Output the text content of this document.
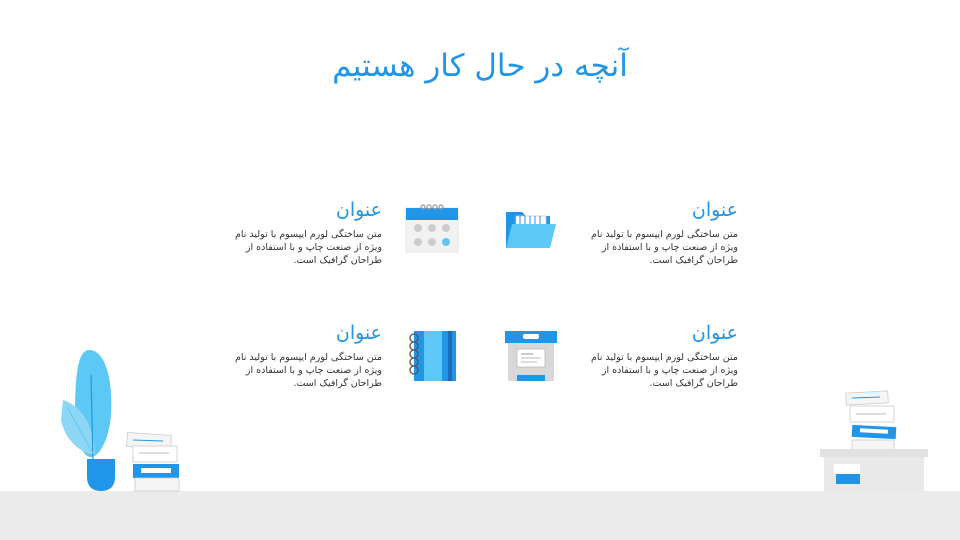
آنچه در حال کار هستیم

عنوان

متن ساختگی لورم ایپسوم با تولید نام ویژه از صنعت چاپ و با استفاده از طراحان گرافیک است.

عنوان

متن ساختگی لورم ایپسوم با تولید نام ویژه از صنعت چاپ و با استفاده از طراحان گرافیک است.

عنوان

متن ساختگی لورم ایپسوم با تولید نام ویژه از صنعت چاپ و با استفاده از طراحان گرافیک است.

عنوان

متن ساختگی لورم ایپسوم با تولید نام ویژه از صنعت چاپ و با استفاده از طراحان گرافیک است.
